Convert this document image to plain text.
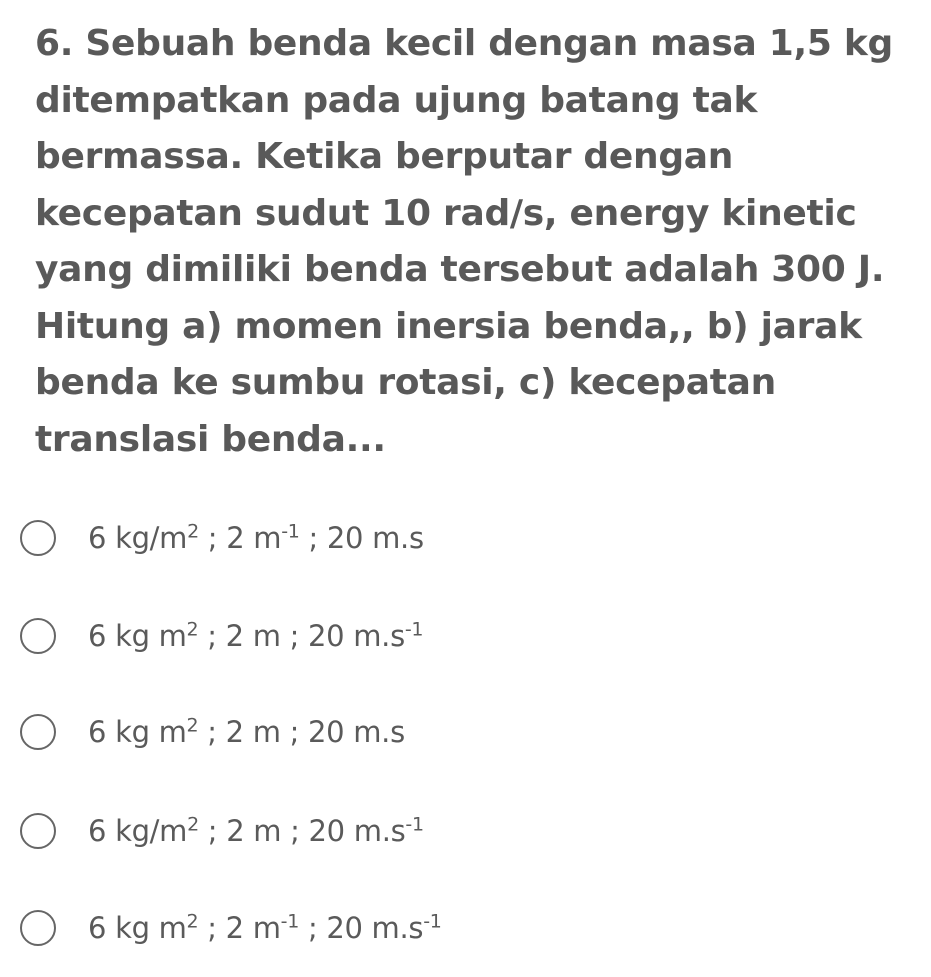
6. Sebuah benda kecil dengan masa 1,5 kg ditempatkan pada ujung batang tak bermassa. Ketika berputar dengan kecepatan sudut 10 rad/s, energy kinetic yang dimiliki benda tersebut adalah 300 J. Hitung a) momen inersia benda,, b) jarak benda ke sumbu rotasi, c) kecepatan translasi benda...

6 $kg/m^2$ ; 2 $m^{-1}$ ; 20 m.s
6 kg $m^2$ ; 2 m ; 20 $m.s^{-1}$
6 kg $m^2$ ; 2 m ; 20 m.s
6 $kg/m^2$ ; 2 m ; 20 $m.s^{-1}$
6 kg $m^2$ ; 2 $m^{-1}$ ; 20 $m.s^{-1}$
